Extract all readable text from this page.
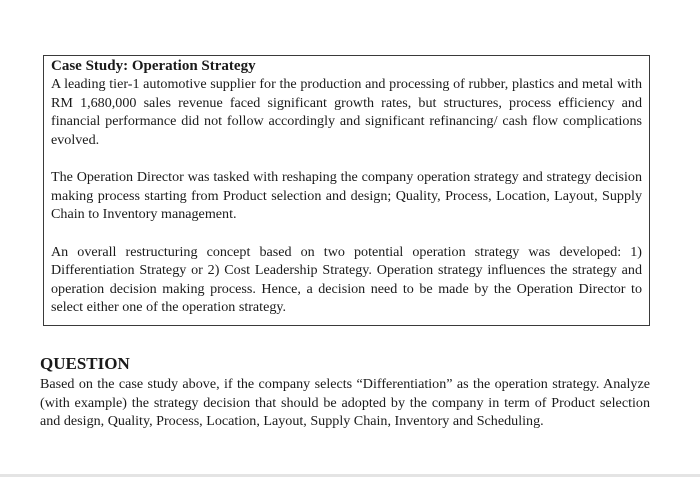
Case Study: Operation Strategy

A leading tier-1 automotive supplier for the production and processing of rubber, plastics and metal with RM 1,680,000 sales revenue faced significant growth rates, but structures, process efficiency and financial performance did not follow accordingly and significant refinancing/ cash flow complications evolved.

The Operation Director was tasked with reshaping the company operation strategy and strategy decision making process starting from Product selection and design; Quality, Process, Location, Layout, Supply Chain to Inventory management.

An overall restructuring concept based on two potential operation strategy was developed: 1) Differentiation Strategy or 2) Cost Leadership Strategy. Operation strategy influences the strategy and operation decision making process. Hence, a decision need to be made by the Operation Director to select either one of the operation strategy.

QUESTION

Based on the case study above, if the company selects “Differentiation” as the operation strategy. Analyze (with example) the strategy decision that should be adopted by the company in term of Product selection and design, Quality, Process, Location, Layout, Supply Chain, Inventory and Scheduling.
